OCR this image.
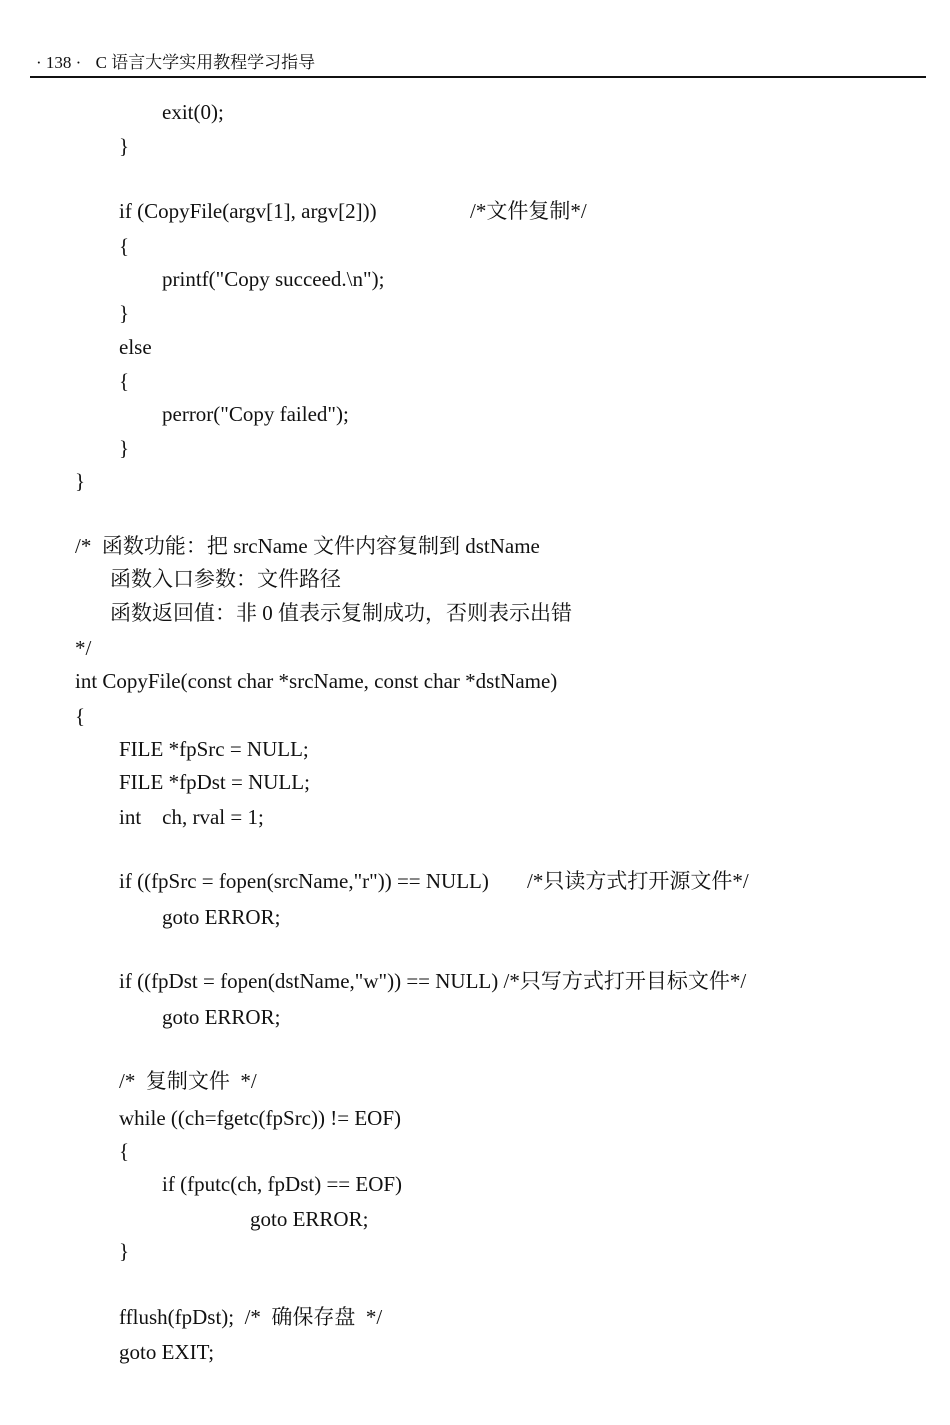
· 138 · C 语言大学实用教程学习指导
exit(0);
}
if (CopyFile(argv[1], argv[2]))	/*文件复制*/
{
printf("Copy succeed.\n");
}
else
{
perror("Copy failed");
}
}
/*  函数功能：把 srcName 文件内容复制到 dstName
函数入口参数：文件路径
函数返回值：非 0 值表示复制成功，否则表示出错
*/
int CopyFile(const char *srcName, const char *dstName)
{
FILE *fpSrc = NULL;
FILE *fpDst = NULL;
int    ch, rval = 1;
if ((fpSrc = fopen(srcName,"r")) == NULL) /*只读方式打开源文件*/
goto ERROR;
if ((fpDst = fopen(dstName,"w")) == NULL) /*只写方式打开目标文件*/
goto ERROR;
/*  复制文件  */
while ((ch=fgetc(fpSrc)) != EOF)
{
if (fputc(ch, fpDst) == EOF)
goto ERROR;
}
fflush(fpDst);  /*  确保存盘  */
goto EXIT;
